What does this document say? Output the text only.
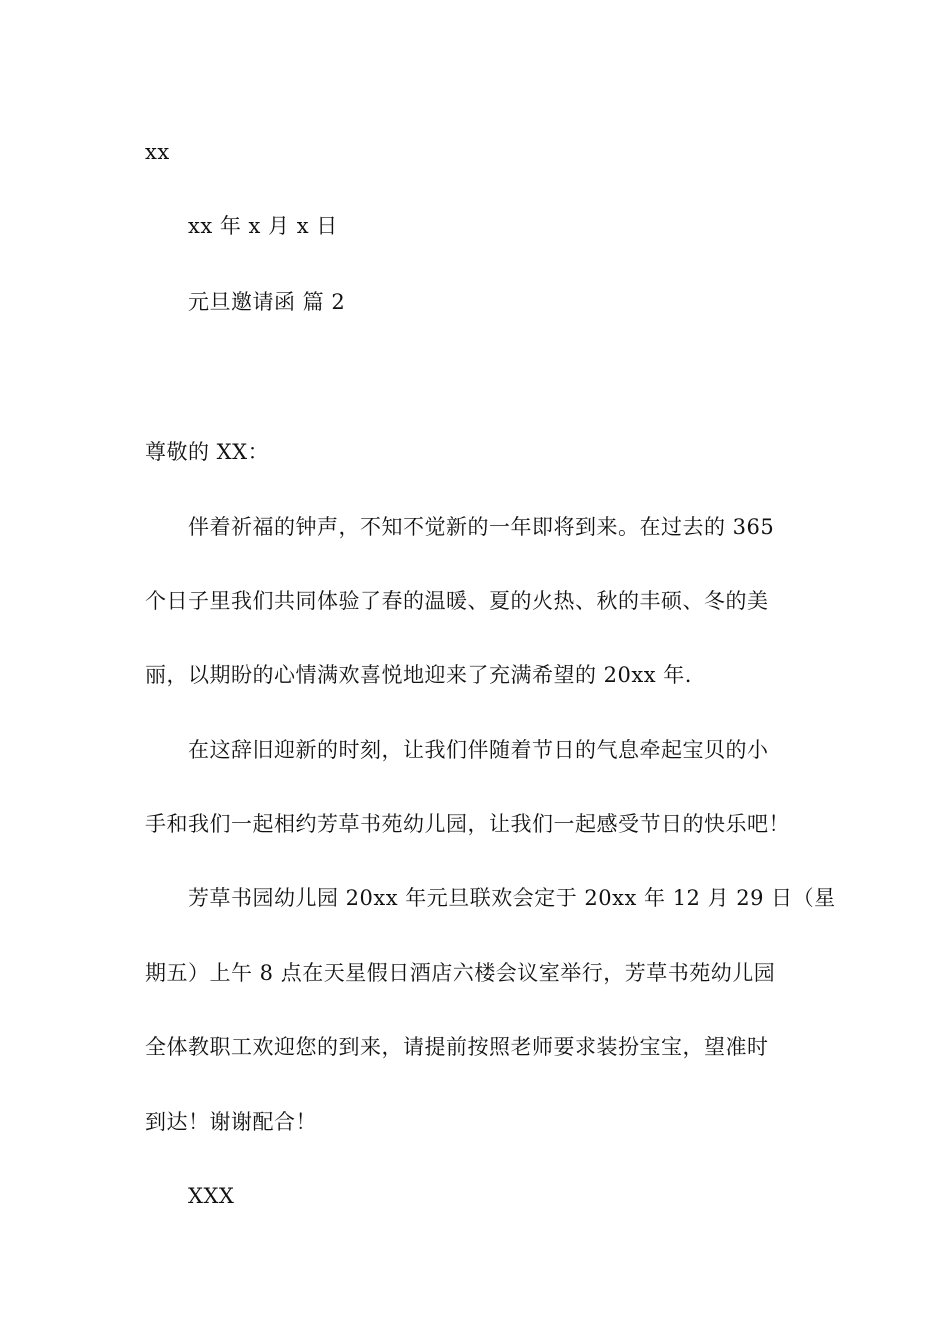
xx
xx 年 x 月 x 日
元旦邀请函 篇 2
尊敬的 XX：
伴着祈福的钟声，不知不觉新的一年即将到来。在过去的 365
个日子里我们共同体验了春的温暖、夏的火热、秋的丰硕、冬的美
丽，以期盼的心情满欢喜悦地迎来了充满希望的 20xx 年.
在这辞旧迎新的时刻，让我们伴随着节日的气息牵起宝贝的小
手和我们一起相约芳草书苑幼儿园，让我们一起感受节日的快乐吧！
芳草书园幼儿园 20xx 年元旦联欢会定于 20xx 年 12 月 29 日（星
期五）上午 8 点在天星假日酒店六楼会议室举行，芳草书苑幼儿园
全体教职工欢迎您的到来，请提前按照老师要求装扮宝宝，望准时
到达！谢谢配合！
XXX
